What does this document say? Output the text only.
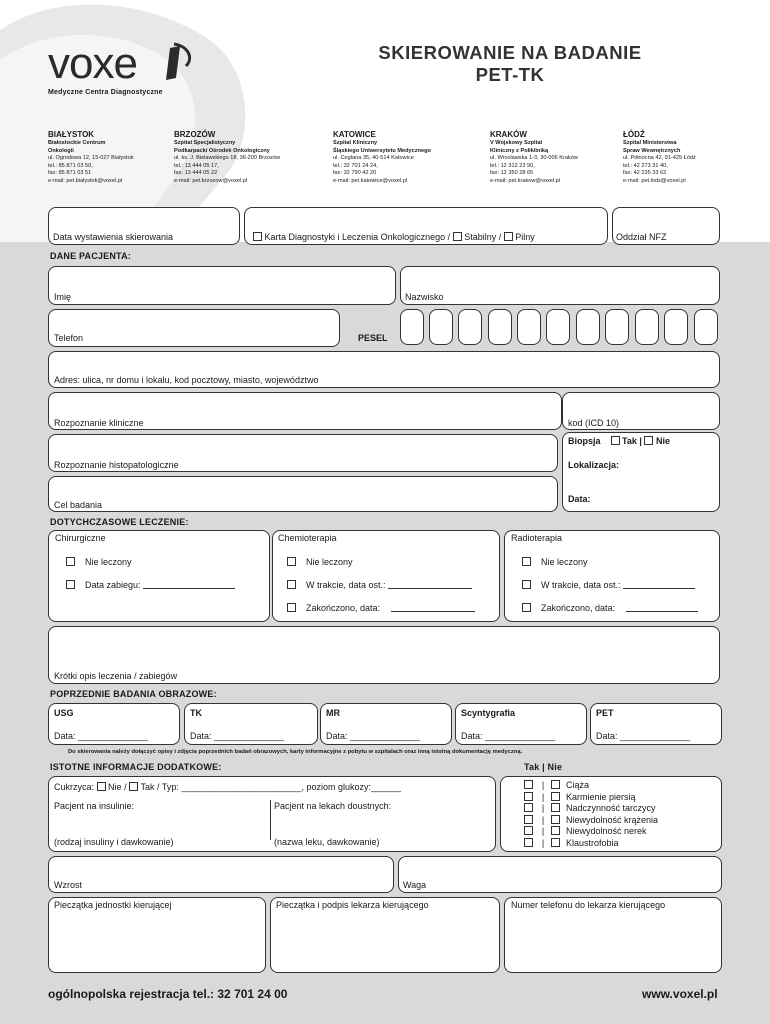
voxe
Medyczne Centra Diagnostyczne
SKIEROWANIE NA BADANIE
PET-TK
BIAŁYSTOK
Białostockie Centrum
Onkologii
ul. Ogrodowa 12, 15-027 Białystok
tel.: 85 871 03 50,
fax: 85 871 03 51
e-mail: pet.bialystok@voxel.pl
BRZOZÓW
Szpital Specjalistyczny
Podkarpacki Ośrodek Onkologiczny
ul. ks. J. Bielawskiego 18, 36-200 Brzozów
tel.: 13 444 05 17,
fax: 13 444 05 22
e-mail: pet.brzozow@voxel.pl
KATOWICE
Szpital Kliniczny
Śląskiego Uniwersytetu Medycznego
ul. Ceglana 35, 40-514 Katowice
tel.: 32 701 24 24,
fax: 32 790 42 20
e-mail: pet.katowice@voxel.pl
KRAKÓW
V Wojskowy Szpital
Kliniczny z Polikliniką
ul. Wrocławska 1-3, 30-006 Kraków
tel.: 12 312 23 90,
fax: 12 350 28 65
e-mail: pet.krakow@voxel.pl
ŁÓDŹ
Szpital Ministerstwa
Spraw Wewnętrznych
ul. Północna 42, 91-425 Łódź
tel.: 42 273 31 40,
fax: 42 235 33 62
e-mail: pet.lodz@voxel.pl
Data wystawienia skierowania	Karta Diagnostyki i Leczenia Onkologicznego / Stabilny / Pilny	Oddział NFZ
DANE PACJENTA:
Imię	Nazwisko
Telefon	PESEL
Adres: ulica, nr domu i lokalu, kod pocztowy, miasto, województwo
Rozpoznanie kliniczne	kod (ICD 10)
Rozpoznanie histopatologiczne
Biopsja Tak | Nie
Lokalizacja:
Data:
Cel badania
DOTYCHCZASOWE LECZENIE:
Chirurgiczne
Nie leczony
Data zabiegu:
Chemioterapia
Nie leczony
W trakcie, data ost.:
Zakończono, data:
Radioterapia
Nie leczony
W trakcie, data ost.:
Zakończono, data:
Krótki opis leczenia / zabiegów
POPRZEDNIE BADANIA OBRAZOWE:
USG
Data: ______________
TK
Data: ______________
MR
Data: ______________
Scyntygrafia
Data: ______________
PET
Data: ______________
Do skierowania należy dołączyć opisy i zdjęcia poprzednich badań obrazowych, karty informacyjne z pobytu w szpitalach oraz inną istotną dokumentację medyczną.
ISTOTNE INFORMACJE DODATKOWE:	Tak | Nie
Cukrzyca: Nie / Tak / Typ: ________________________, poziom glukozy:______
Pacjent na insulinie:
(rodzaj insuliny i dawkowanie)
Pacjent na lekach doustnych:
(nazwa leku, dawkowanie)
| Ciąża
| Karmienie piersią
| Nadczynność tarczycy
| Niewydolność krążenia
| Niewydolność nerek
| Klaustrofobia
Wzrost	Waga
Pieczątka jednostki kierującej	Pieczątka i podpis lekarza kierującego	Numer telefonu do lekarza kierującego
ogólnopolska rejestracja tel.: 32 701 24 00	www.voxel.pl
